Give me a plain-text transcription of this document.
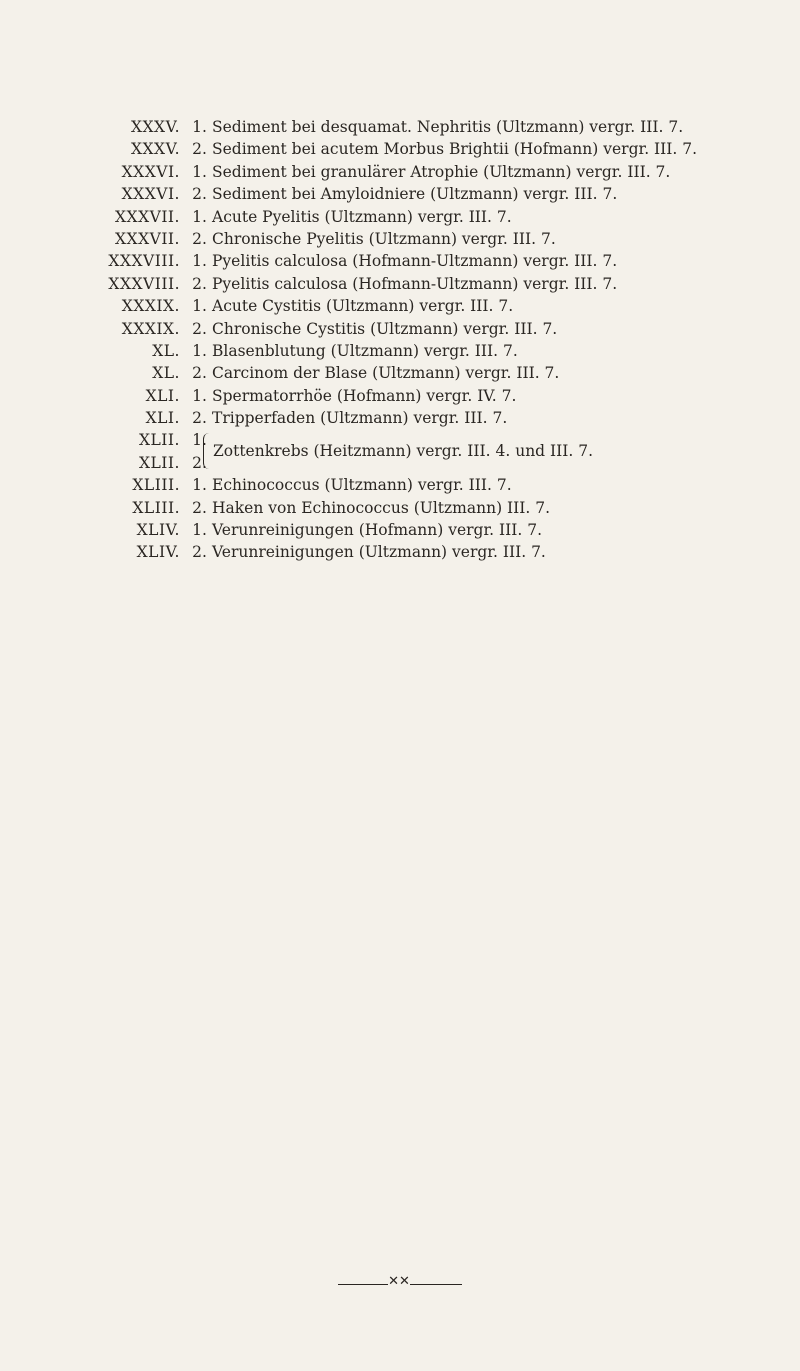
XXXV. 1 . Sediment bei desquamat. Nephritis (Ultzmann) vergr. III. 7.
XXXV. 2 . Sediment bei acutem Morbus Brightii (Hofmann) vergr. III. 7.
XXXVI. 1 . Sediment bei granulärer Atrophie (Ultzmann) vergr. III. 7.
XXXVI. 2 . Sediment bei Amyloidniere (Ultzmann) vergr. III. 7.
XXXVII. 1 . Acute Pyelitis (Ultzmann) vergr. III. 7.
XXXVII. 2 . Chronische Pyelitis (Ultzmann) vergr. III. 7.
XXXVIII. 1 . Pyelitis calculosa (Hofmann-Ultzmann) vergr. III. 7.
XXXVIII. 2 . Pyelitis calculosa (Hofmann-Ultzmann) vergr. III. 7.
XXXIX. 1 . Acute Cystitis (Ultzmann) vergr. III. 7.
XXXIX. 2 . Chronische Cystitis (Ultzmann) vergr. III. 7.
XL. 1 . Blasenblutung (Ultzmann) vergr. III. 7.
XL. 2 . Carcinom der Blase (Ultzmann) vergr. III. 7.
XLI. 1 . Spermatorrhöe (Hofmann) vergr. IV. 7.
XLI. 2 . Tripperfaden (Ultzmann) vergr. III. 7.
XLII. 1 .
XLII. 2 .
Zottenkrebs (Heitzmann) vergr. III. 4. und III. 7.
XLIII. 1 . Echinococcus (Ultzmann) vergr. III. 7.
XLIII. 2 . Haken von Echinococcus (Ultzmann) III. 7.
XLIV. 1 . Verunreinigungen (Hofmann) vergr. III. 7.
XLIV. 2 . Verunreinigungen (Ultzmann) vergr. III. 7.
✕✕
